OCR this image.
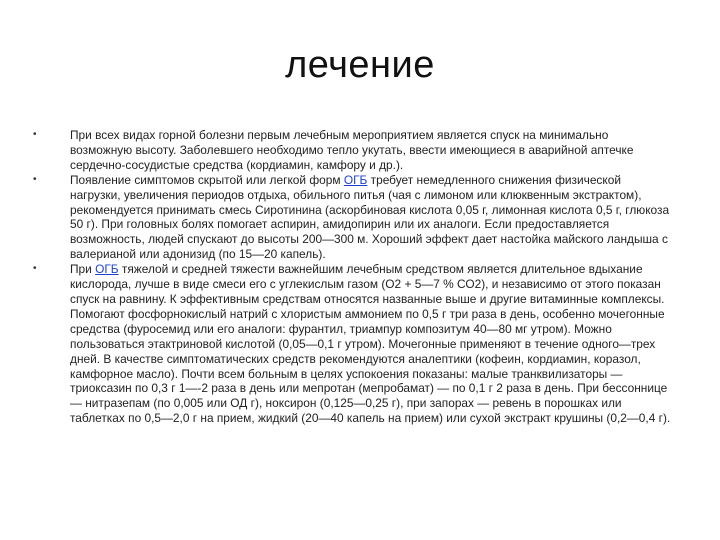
лечение
•	При всех видах горной болезни первым лечебным мероприятием является спуск на минимально возможную высоту. Заболевшего необходимо тепло укутать, ввести имеющиеся в аварийной аптечке сердечно-сосудистые средства (кордиамин, камфору и др.).
•	Появление симптомов скрытой или легкой форм ОГБ требует немедленного снижения физической нагрузки, увеличения периодов отдыха, обильного питья (чая с лимоном или клюквенным экстрактом), рекомендуется принимать смесь Сиротинина (аскорбиновая кислота 0,05 г, лимонная кислота 0,5 г, глюкоза 50 г). При головных болях помогает аспирин, амидопирин или их аналоги. Если предоставляется возможность, людей спускают до высоты 200—300 м. Хороший эффект дает настойка майского ландыша с валерианой или адонизид (по 15—20 капель).
•	При ОГБ тяжелой и средней тяжести важнейшим лечебным средством является длительное вдыхание кислорода, лучше в виде смеси его с углекислым газом (О2 + 5—7 % СО2), и независимо от этого показан спуск на равнину. К эффективным средствам относятся названные выше и другие витаминные комплексы. Помогают фосфорнокислый натрий с хлористым аммонием по 0,5 г три раза в день, особенно мочегонные средства (фуросемид или его аналоги: фурантил, триампур композитум 40—80 мг утром). Можно пользоваться этактриновой кислотой (0,05—0,1 г утром). Мочегонные применяют в течение одного—трех дней. В качестве симптоматических средств рекомендуются аналептики (кофеин, кордиамин, коразол, камфорное масло). Почти всем больным в целях успокоения показаны: малые транквилизаторы — триоксазин по 0,3 г 1—-2 раза в день или мепротан (мепробамат) — по 0,1 г 2 раза в день. При бессоннице — нитразепам (по 0,005 или ОД г), ноксирон (0,125—0,25 г), при запорах — ревень в порошках или таблетках по 0,5—2,0 г на прием, жидкий (20—40 капель на прием) или сухой экстракт крушины (0,2—0,4 г).
